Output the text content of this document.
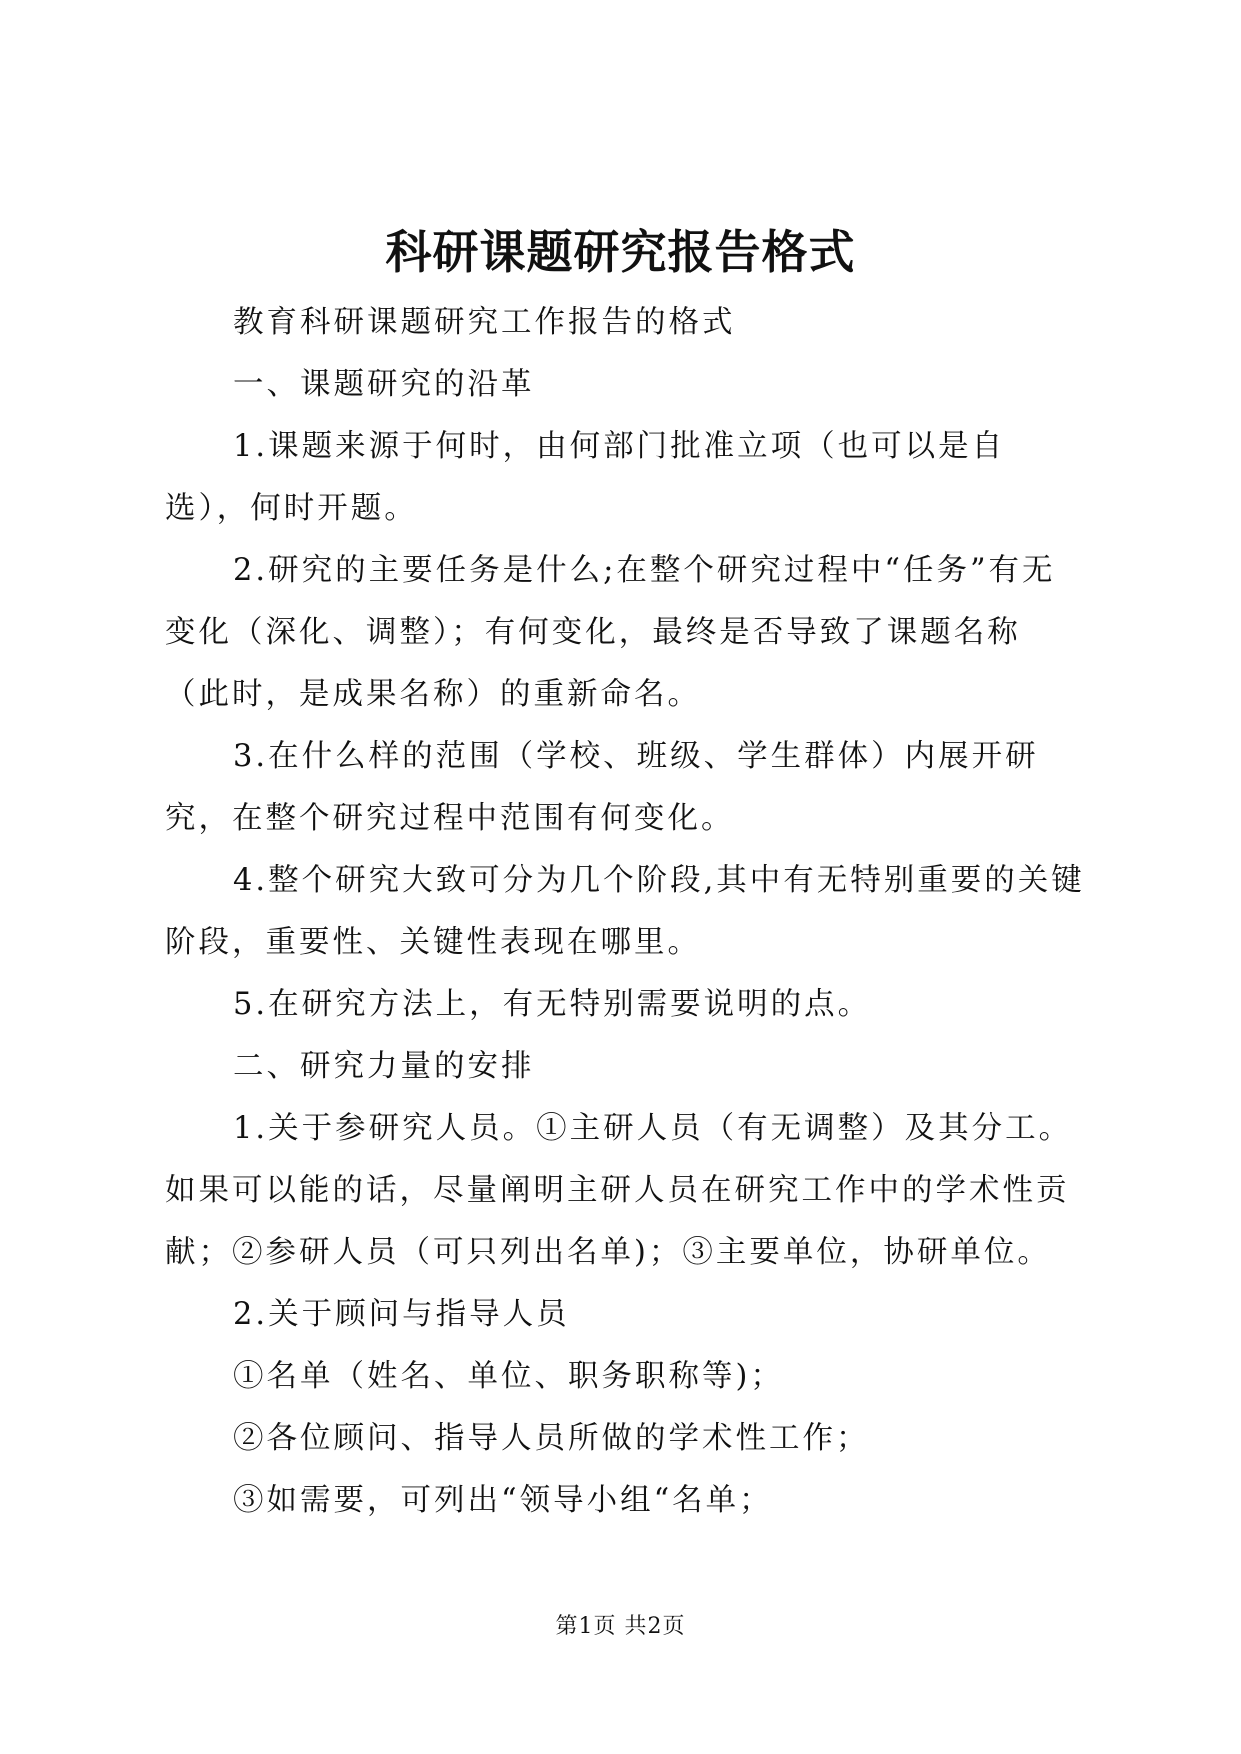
科研课题研究报告格式

教育科研课题研究工作报告的格式

一、课题研究的沿革

1.课题来源于何时，由何部门批准立项（也可以是自选），何时开题。

2.研究的主要任务是什么;在整个研究过程中“任务”有无变化（深化、调整）；有何变化，最终是否导致了课题名称（此时，是成果名称）的重新命名。

3.在什么样的范围（学校、班级、学生群体）内展开研究，在整个研究过程中范围有何变化。

4.整个研究大致可分为几个阶段,其中有无特别重要的关键阶段，重要性、关键性表现在哪里。

5.在研究方法上，有无特别需要说明的点。

二、研究力量的安排

1.关于参研究人员。①主研人员（有无调整）及其分工。如果可以能的话，尽量阐明主研人员在研究工作中的学术性贡献；②参研人员（可只列出名单)；③主要单位，协研单位。

2.关于顾问与指导人员

①名单（姓名、单位、职务职称等)；

②各位顾问、指导人员所做的学术性工作；

③如需要，可列出“领导小组“名单；

第1页 共2页
